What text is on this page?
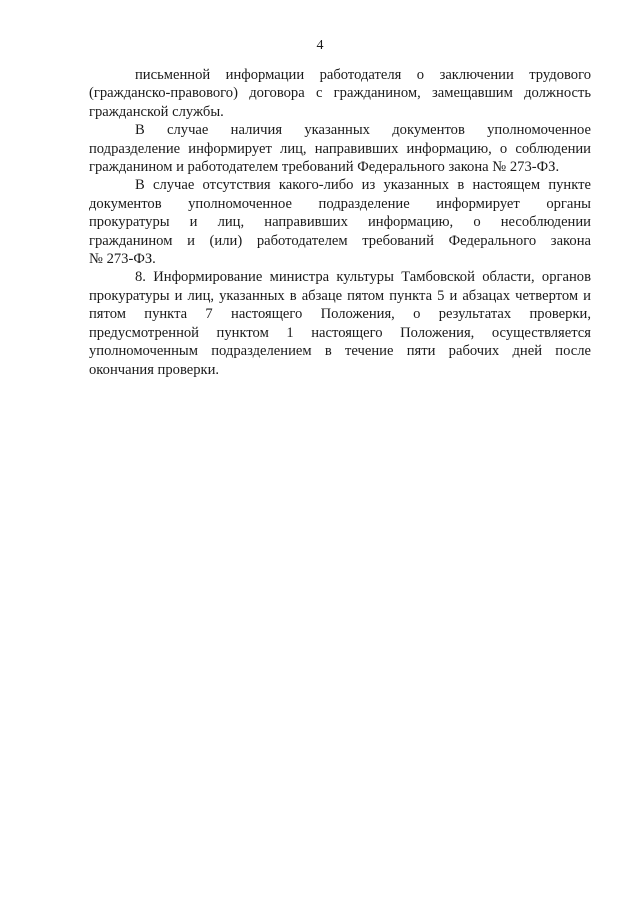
4
письменной информации работодателя о заключении трудового
(гражданско-правового) договора с гражданином, замещавшим должность
гражданской службы.
В случае наличия указанных документов уполномоченное
подразделение информирует лиц, направивших информацию, о соблюдении
гражданином и работодателем требований Федерального закона № 273-ФЗ.
В случае отсутствия какого-либо из указанных в настоящем пункте
документов уполномоченное подразделение информирует органы
прокуратуры и лиц, направивших информацию, о несоблюдении
гражданином и (или) работодателем требований Федерального закона
№ 273-ФЗ.
8. Информирование министра культуры Тамбовской области, органов
прокуратуры и лиц, указанных в абзаце пятом пункта 5 и абзацах четвертом и
пятом пункта 7 настоящего Положения, о результатах проверки,
предусмотренной пунктом 1 настоящего Положения, осуществляется
уполномоченным подразделением в течение пяти рабочих дней после
окончания проверки.
